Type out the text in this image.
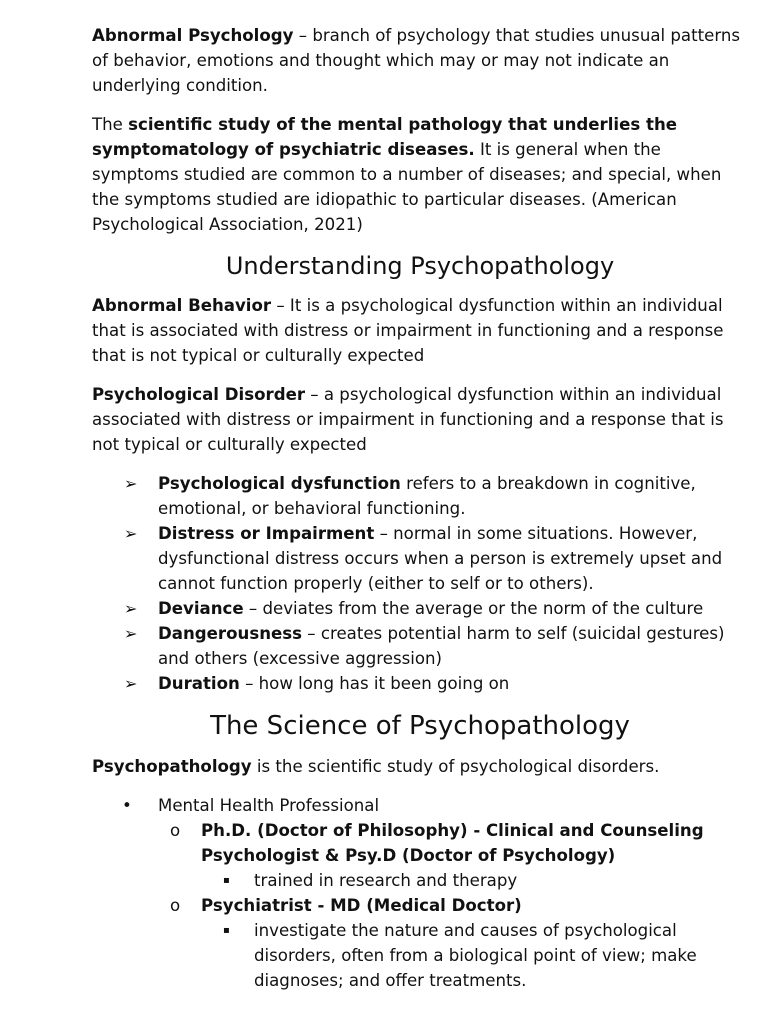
Abnormal Psychology – branch of psychology that studies unusual patterns of behavior, emotions and thought which may or may not indicate an underlying condition.

The scientific study of the mental pathology that underlies the symptomatology of psychiatric diseases. It is general when the symptoms studied are common to a number of diseases; and special, when the symptoms studied are idiopathic to particular diseases. (American Psychological Association, 2021)

Understanding Psychopathology

Abnormal Behavior – It is a psychological dysfunction within an individual that is associated with distress or impairment in functioning and a response that is not typical or culturally expected

Psychological Disorder – a psychological dysfunction within an individual associated with distress or impairment in functioning and a response that is not typical or culturally expected

➢ Psychological dysfunction refers to a breakdown in cognitive, emotional, or behavioral functioning.
➢ Distress or Impairment – normal in some situations. However, dysfunctional distress occurs when a person is extremely upset and cannot function properly (either to self or to others).
➢ Deviance – deviates from the average or the norm of the culture
➢ Dangerousness – creates potential harm to self (suicidal gestures) and others (excessive aggression)
➢ Duration – how long has it been going on
The Science of Psychopathology

Psychopathology is the scientific study of psychological disorders.

• Mental Health Professional
o Ph.D. (Doctor of Philosophy) - Clinical and Counseling Psychologist & Psy.D (Doctor of Psychology)
▪ trained in research and therapy
o Psychiatrist - MD (Medical Doctor)
▪ investigate the nature and causes of psychological disorders, often from a biological point of view; make diagnoses; and offer treatments.
